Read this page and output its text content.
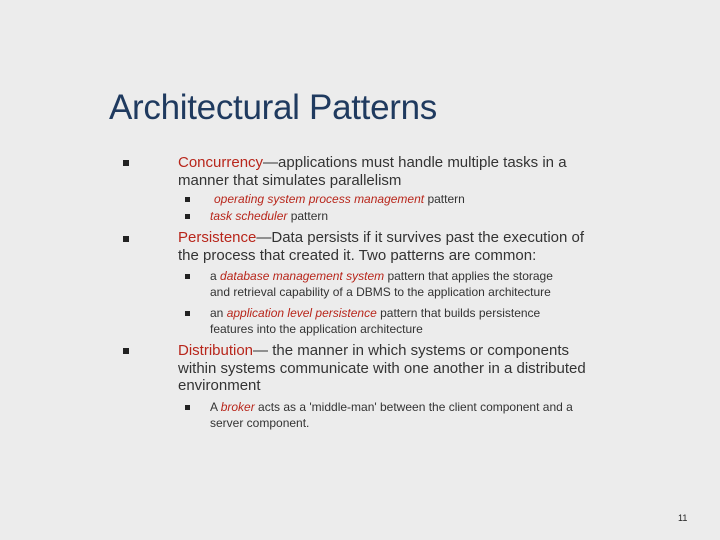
Architectural Patterns
Concurrency—applications must handle multiple tasks in a
manner that simulates parallelism
operating system process management pattern
task scheduler pattern
Persistence—Data persists if it survives past the execution of
the process that created it. Two patterns are common:
a database management system pattern that applies the storage
and retrieval capability of a DBMS to the application architecture
an application level persistence pattern that builds persistence
features into the application architecture
Distribution— the manner in which systems or components
within systems communicate with one another in a distributed
environment
A broker acts as a 'middle-man' between the client component and a
server component.
11
